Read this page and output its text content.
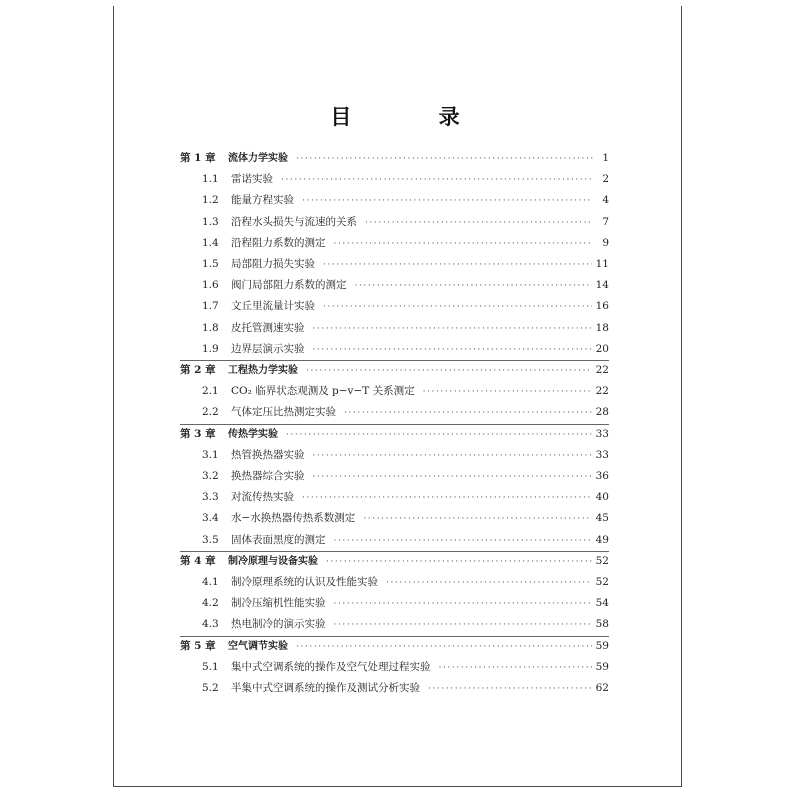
目 录
第 1 章	流体力学实验 ·····	1
1.1	雷诺实验 ·····	2
1.2	能量方程实验 ·····	4
1.3	沿程水头损失与流速的关系 ·····	7
1.4	沿程阻力系数的测定 ·····	9
1.5	局部阻力损失实验 ·····	11
1.6	阀门局部阻力系数的测定 ·····	14
1.7	文丘里流量计实验 ·····	16
1.8	皮托管测速实验 ·····	18
1.9	边界层演示实验 ·····	20
第 2 章	工程热力学实验 ·····	22
2.1	CO₂ 临界状态观测及 p−v−T 关系测定 ·····	22
2.2	气体定压比热测定实验 ·····	28
第 3 章	传热学实验 ·····	33
3.1	热管换热器实验 ·····	33
3.2	换热器综合实验 ·····	36
3.3	对流传热实验 ·····	40
3.4	水−水换热器传热系数测定 ·····	45
3.5	固体表面黑度的测定 ·····	49
第 4 章	制冷原理与设备实验 ·····	52
4.1	制冷原理系统的认识及性能实验 ·····	52
4.2	制冷压缩机性能实验 ·····	54
4.3	热电制冷的演示实验 ·····	58
第 5 章	空气调节实验 ·····	59
5.1	集中式空调系统的操作及空气处理过程实验 ·····	59
5.2	半集中式空调系统的操作及测试分析实验 ·····	62
